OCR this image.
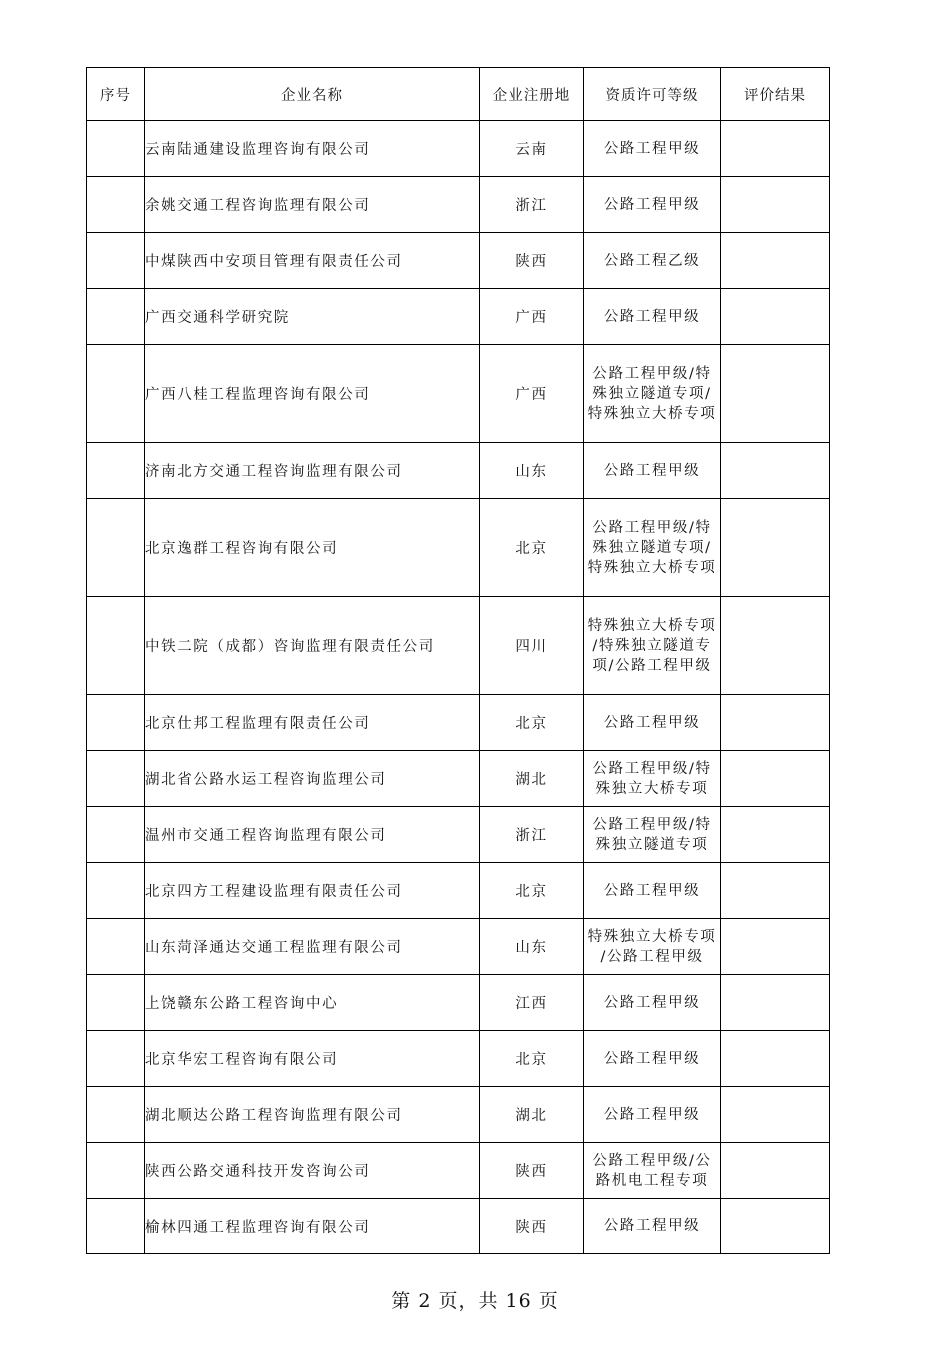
序号	企业名称	企业注册地	资质许可等级	评价结果
	云南陆通建设监理咨询有限公司	云南	公路工程甲级	
	余姚交通工程咨询监理有限公司	浙江	公路工程甲级	
	中煤陕西中安项目管理有限责任公司	陕西	公路工程乙级	
	广西交通科学研究院	广西	公路工程甲级	
	广西八桂工程监理咨询有限公司	广西	公路工程甲级/特
殊独立隧道专项/
特殊独立大桥专项	
	济南北方交通工程咨询监理有限公司	山东	公路工程甲级	
	北京逸群工程咨询有限公司	北京	公路工程甲级/特
殊独立隧道专项/
特殊独立大桥专项	
	中铁二院（成都）咨询监理有限责任公司	四川	特殊独立大桥专项
/特殊独立隧道专
项/公路工程甲级	
	北京仕邦工程监理有限责任公司	北京	公路工程甲级	
	湖北省公路水运工程咨询监理公司	湖北	公路工程甲级/特
殊独立大桥专项	
	温州市交通工程咨询监理有限公司	浙江	公路工程甲级/特
殊独立隧道专项	
	北京四方工程建设监理有限责任公司	北京	公路工程甲级	
	山东菏泽通达交通工程监理有限公司	山东	特殊独立大桥专项
/公路工程甲级	
	上饶赣东公路工程咨询中心	江西	公路工程甲级	
	北京华宏工程咨询有限公司	北京	公路工程甲级	
	湖北顺达公路工程咨询监理有限公司	湖北	公路工程甲级	
	陕西公路交通科技开发咨询公司	陕西	公路工程甲级/公
路机电工程专项	
	榆林四通工程监理咨询有限公司	陕西	公路工程甲级	
第 2 页，共 16 页
